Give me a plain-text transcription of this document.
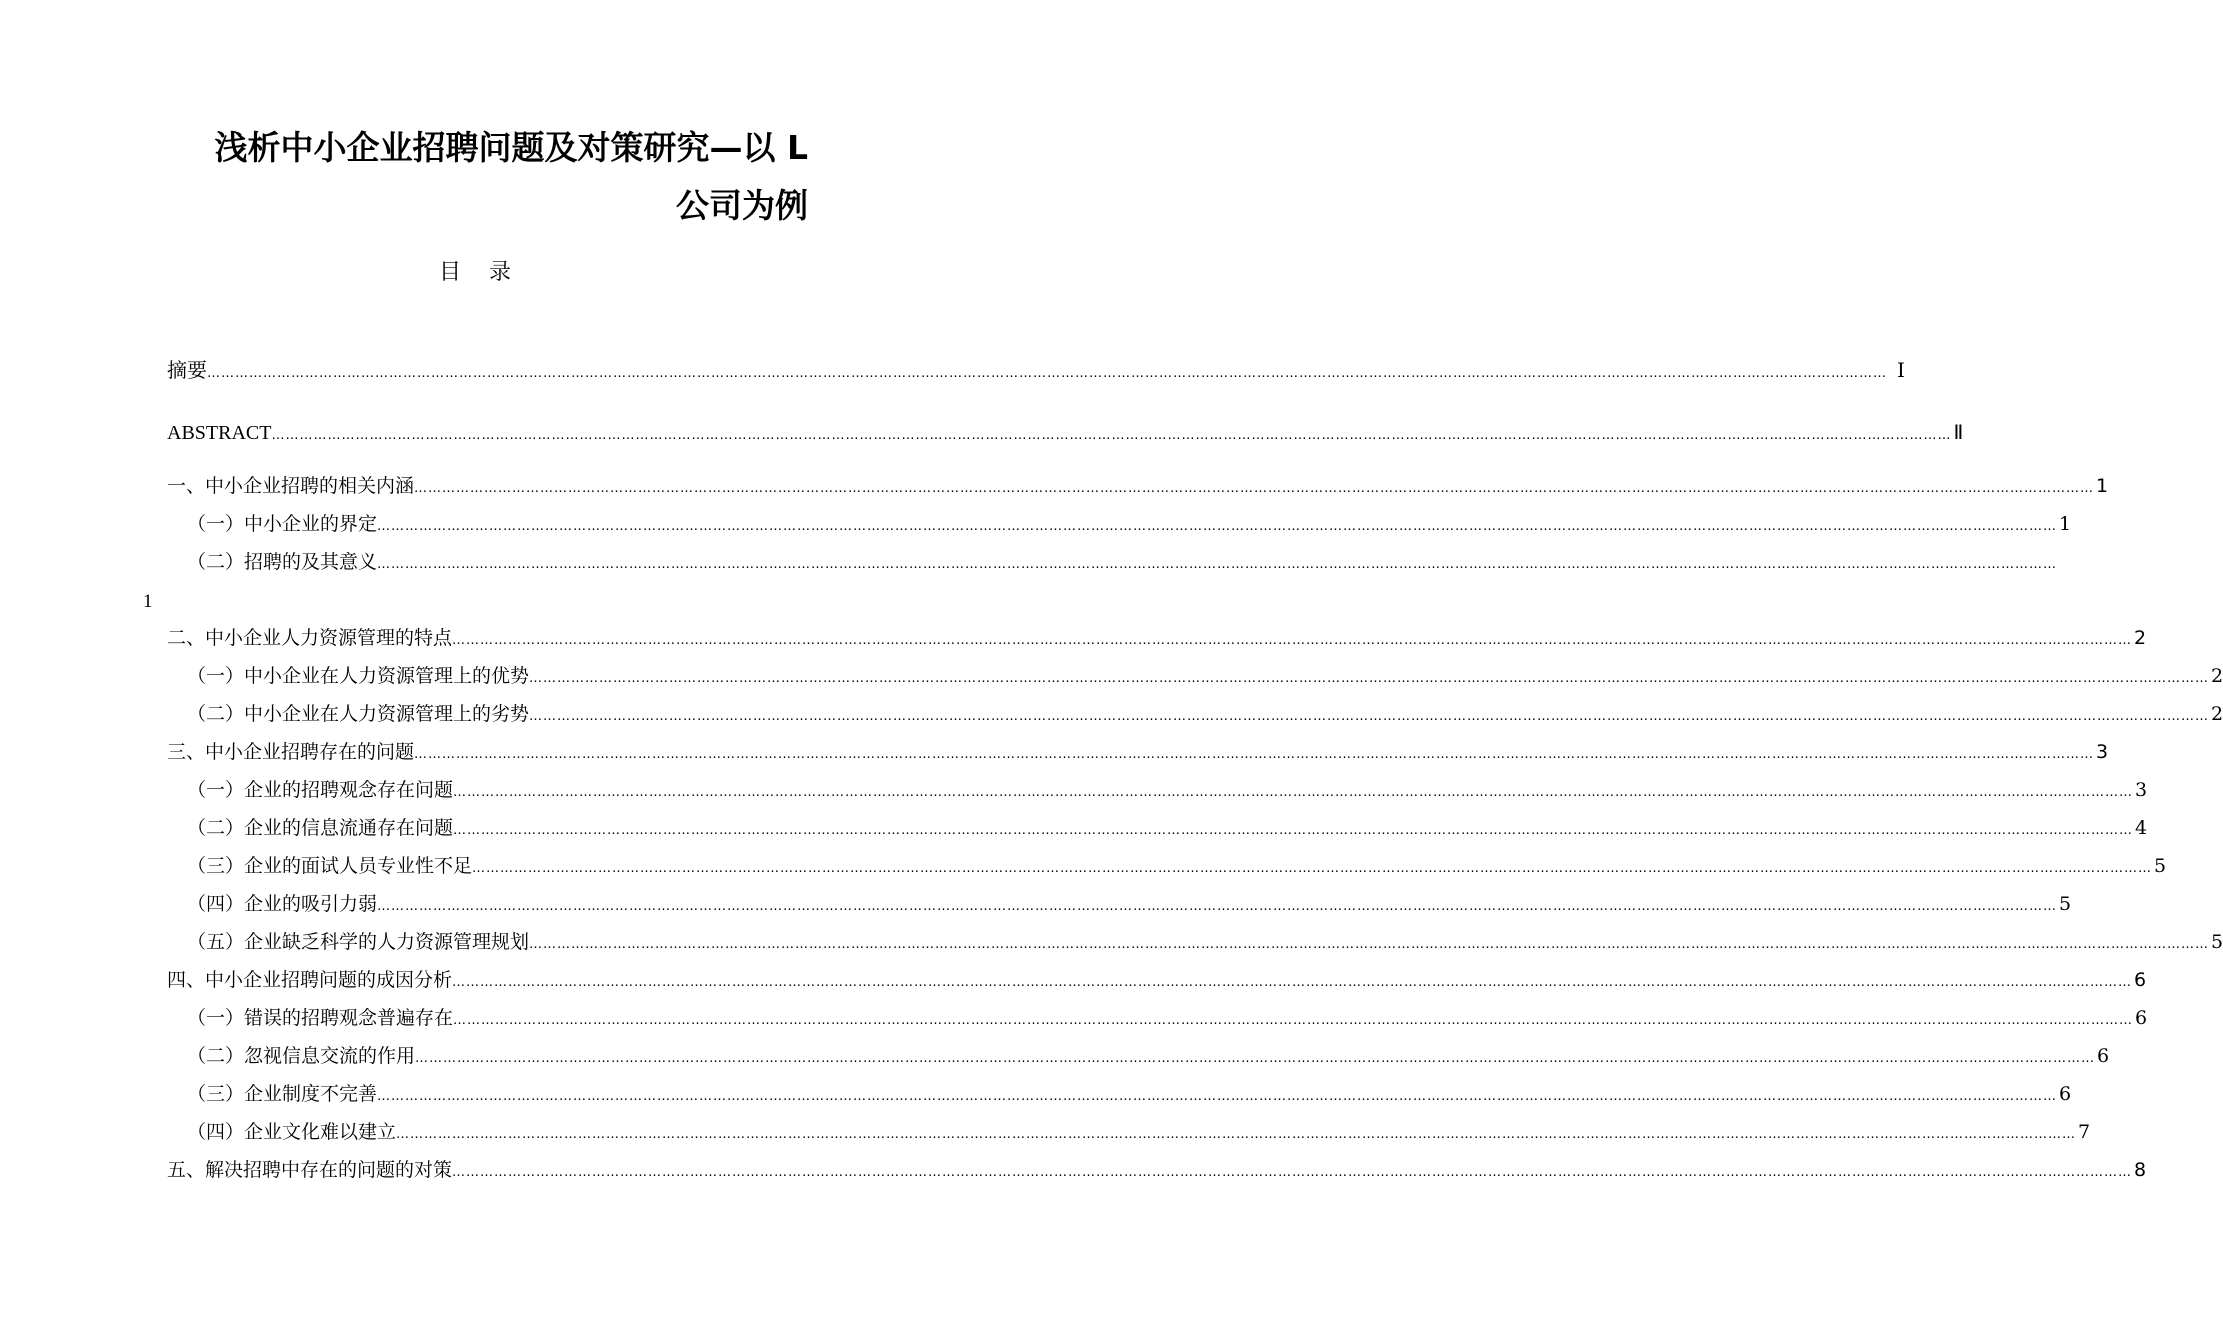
浅析中小企业招聘问题及对策研究—以 L
公司为例
目 录
摘要 ……………………………………………………………………………………………………………………………………………………………………………………………………………………………………………………………………………………………………………………………… Ⅰ
ABSTRACT ……………………………………………………………………………………………………………………………………………………………………………………………………………………………………………………………………………………………………………………………… Ⅱ
一、中小企业招聘的相关内涵 ……………………………………………………………………………………………………………………………………………………………………………………………………………………………………………………………………………………………………………………………… 1
（一）中小企业的界定 ……………………………………………………………………………………………………………………………………………………………………………………………………………………………………………………………………………………………………………………………… 1
（二）招聘的及其意义 ………………………………………………………………………………………………………………………………………………………………………………………………………………………………………………………………………………………………………………………………
1
二、中小企业人力资源管理的特点 ……………………………………………………………………………………………………………………………………………………………………………………………………………………………………………………………………………………………………………………………… 2
（一）中小企业在人力资源管理上的优势 ……………………………………………………………………………………………………………………………………………………………………………………………………………………………………………………………………………………………………………………………… 2
（二）中小企业在人力资源管理上的劣势 ……………………………………………………………………………………………………………………………………………………………………………………………………………………………………………………………………………………………………………………………… 2
三、中小企业招聘存在的问题 ……………………………………………………………………………………………………………………………………………………………………………………………………………………………………………………………………………………………………………………………… 3
（一）企业的招聘观念存在问题 ……………………………………………………………………………………………………………………………………………………………………………………………………………………………………………………………………………………………………………………………… 3
（二）企业的信息流通存在问题 ……………………………………………………………………………………………………………………………………………………………………………………………………………………………………………………………………………………………………………………………… 4
（三）企业的面试人员专业性不足 ……………………………………………………………………………………………………………………………………………………………………………………………………………………………………………………………………………………………………………………………… 5
（四）企业的吸引力弱 ……………………………………………………………………………………………………………………………………………………………………………………………………………………………………………………………………………………………………………………………… 5
（五）企业缺乏科学的人力资源管理规划 ……………………………………………………………………………………………………………………………………………………………………………………………………………………………………………………………………………………………………………………………… 5
四、中小企业招聘问题的成因分析 ……………………………………………………………………………………………………………………………………………………………………………………………………………………………………………………………………………………………………………………………… 6
（一）错误的招聘观念普遍存在 ……………………………………………………………………………………………………………………………………………………………………………………………………………………………………………………………………………………………………………………………… 6
（二）忽视信息交流的作用 ……………………………………………………………………………………………………………………………………………………………………………………………………………………………………………………………………………………………………………………………… 6
（三）企业制度不完善 ……………………………………………………………………………………………………………………………………………………………………………………………………………………………………………………………………………………………………………………………… 6
（四）企业文化难以建立 ……………………………………………………………………………………………………………………………………………………………………………………………………………………………………………………………………………………………………………………………… 7
五、解决招聘中存在的问题的对策 ……………………………………………………………………………………………………………………………………………………………………………………………………………………………………………………………………………………………………………………………… 8
